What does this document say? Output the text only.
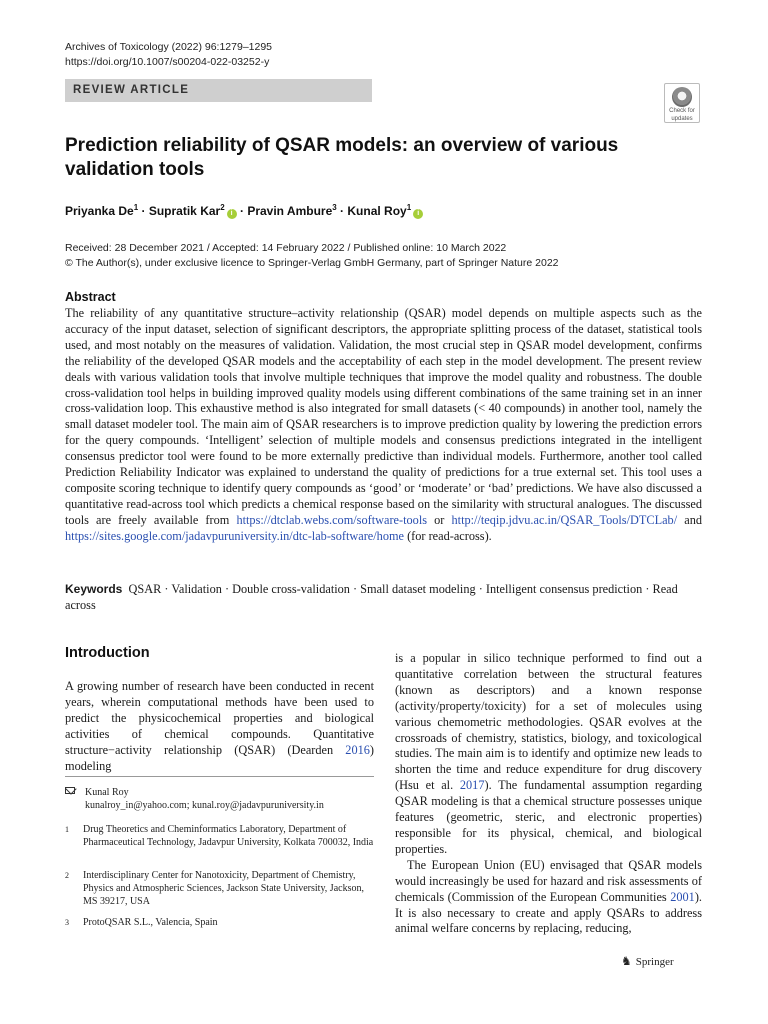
Archives of Toxicology (2022) 96:1279–1295
https://doi.org/10.1007/s00204-022-03252-y
REVIEW ARTICLE
Check for
updates
Prediction reliability of QSAR models: an overview of various validation tools
Priyanka $De^1$ · Supratik Kar$^2$i · Pravin Ambure$^3$ · Kunal Roy$^1$i
Received: 28 December 2021 / Accepted: 14 February 2022 / Published online: 10 March 2022
© The Author(s), under exclusive licence to Springer-Verlag GmbH Germany, part of Springer Nature 2022
Abstract
The reliability of any quantitative structure–activity relationship (QSAR) model depends on multiple aspects such as the accuracy of the input dataset, selection of significant descriptors, the appropriate splitting process of the dataset, statistical tools used, and most notably on the measures of validation. Validation, the most crucial step in QSAR model development, confirms the reliability of the developed QSAR models and the acceptability of each step in the model development. The present review deals with various validation tools that involve multiple techniques that improve the model quality and robustness. The double cross-validation tool helps in building improved quality models using different combinations of the same training set in an inner cross-validation loop. This exhaustive method is also integrated for small datasets (< 40 compounds) in another tool, namely the small dataset modeler tool. The main aim of QSAR researchers is to improve prediction quality by lowering the prediction errors for the query compounds. ‘Intelligent’ selection of multiple models and consensus predictions integrated in the intelligent consensus predictor tool were found to be more externally predictive than individual models. Furthermore, another tool called Prediction Reliability Indicator was explained to understand the quality of predictions for a true external set. This tool uses a composite scoring technique to identify query compounds as ‘good’ or ‘moderate’ or ‘bad’ predictions. We have also discussed a quantitative read-across tool which predicts a chemical response based on the similarity with structural analogues. The discussed tools are freely available from https://dtclab.webs.com/software-tools or http://teqip.jdvu.ac.in/QSAR_Tools/DTCLab/ and https://sites.google.com/jadavpuruniversity.in/dtc-lab-software/home (for read-across).
Keywords QSAR · Validation · Double cross-validation · Small dataset modeling · Intelligent consensus prediction · Read across
Introduction
A growing number of research have been conducted in recent years, wherein computational methods have been used to predict the physicochemical properties and biological activities of chemical compounds. Quantitative structure−activity relationship (QSAR) (Dearden 2016) modeling
Kunal Roy
kunalroy_in@yahoo.com; kunal.roy@jadavpuruniversity.in
1 Drug Theoretics and Cheminformatics Laboratory, Department of Pharmaceutical Technology, Jadavpur University, Kolkata 700032, India
2 Interdisciplinary Center for Nanotoxicity, Department of Chemistry, Physics and Atmospheric Sciences, Jackson State University, Jackson, MS 39217, USA
3 ProtoQSAR S.L., Valencia, Spain

is a popular in silico technique performed to find out a quantitative correlation between the structural features (known as descriptors) and a known response (activity/property/toxicity) for a set of molecules using various chemometric methodologies. QSAR evolves at the crossroads of chemistry, statistics, biology, and toxicological studies. The main aim is to identify and optimize new leads to shorten the time and reduce expenditure for drug discovery (Hsu et al. 2017). The fundamental assumption regarding QSAR modeling is that a chemical structure possesses unique features (geometric, steric, and electronic properties) responsible for its physical, chemical, and biological properties.

The European Union (EU) envisaged that QSAR models would increasingly be used for hazard and risk assessments of chemicals (Commission of the European Communities 2001). It is also necessary to create and apply QSARs to address animal welfare concerns by replacing, reducing,

♞ Springer
